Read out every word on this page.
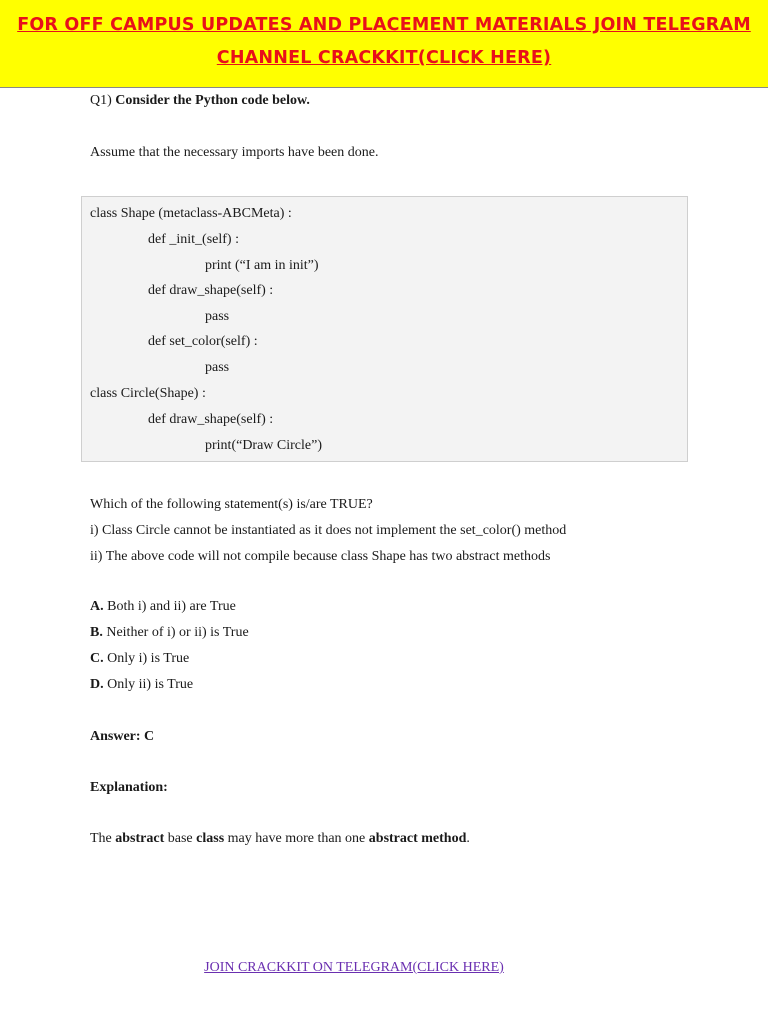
FOR OFF CAMPUS UPDATES AND PLACEMENT MATERIALS JOIN TELEGRAM
CHANNEL CRACKKIT(CLICK HERE)
Q1) Consider the Python code below.
Assume that the necessary imports have been done.
class Shape (metaclass-ABCMeta) :
def _init_(self) :
print (“I am in init”)
def draw_shape(self) :
pass
def set_color(self) :
pass
class Circle(Shape) :
def draw_shape(self) :
print(“Draw Circle”)
Which of the following statement(s) is/are TRUE?
i) Class Circle cannot be instantiated as it does not implement the set_color() method
ii) The above code will not compile because class Shape has two abstract methods
A. Both i) and ii) are True
B. Neither of i) or ii) is True
C. Only i) is True
D. Only ii) is True
Answer: C
Explanation:
The abstract base class may have more than one abstract method.
JOIN CRACKKIT ON TELEGRAM(CLICK HERE)
